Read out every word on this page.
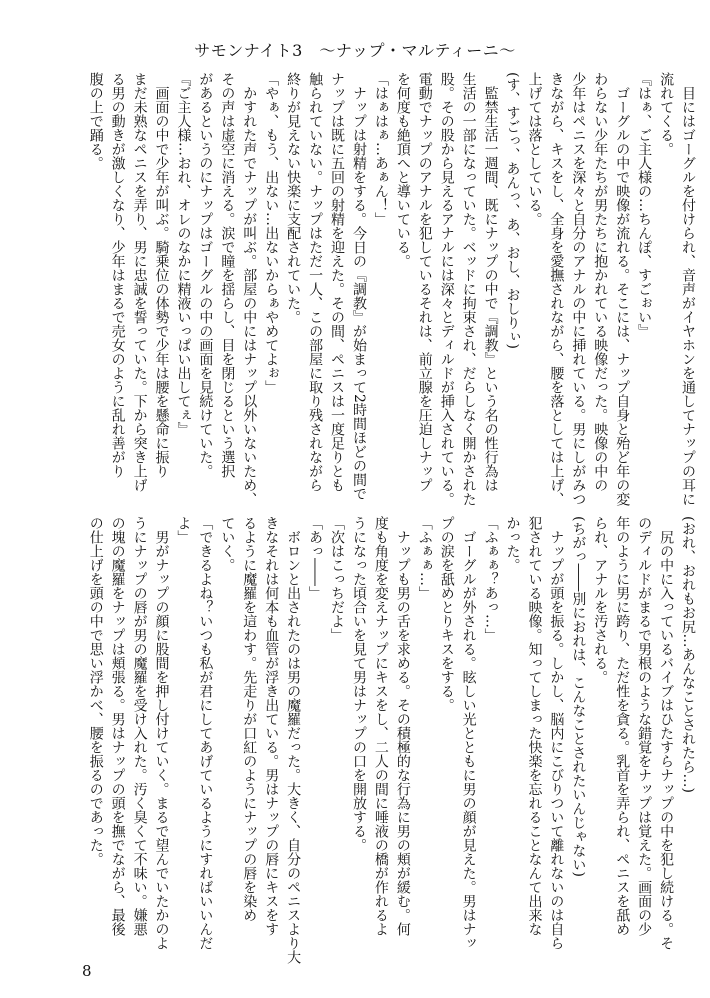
サモンナイト3　〜ナップ・マルティーニ〜
　目にはゴーグルを付けられ、音声がイヤホンを通してナップの耳に
流れてくる。
『はぁ、ご主人様の…ちんぽ、すごぉい』
　ゴーグルの中で映像が流れる。そこには、ナップ自身と殆ど年の変
わらない少年たちが男たちに抱かれている映像だった。映像の中の
少年はペニスを深々と自分のアナルの中に挿れている。男にしがみつ
きながら、キスをし、全身を愛撫されながら、腰を落としては上げ、
上げては落としている。
(す、すごっ、あんっ、あ、おし、おしりぃ)
　監禁生活一週間、既にナップの中で『調教』という名の性行為は
生活の一部になっていた。ベッドに拘束され、だらしなく開かされた
股。その股から見えるアナルには深々とディルドが挿入されている。
電動でナップのアナルを犯しているそれは、前立腺を圧迫しナップ
を何度も絶頂へと導いている。
「はぁはぁ…あぁん！」
　ナップは射精をする。今日の『調教』が始まって2時間ほどの間で
ナップは既に五回の射精を迎えた。その間、ペニスは一度足りとも
触られていない。ナップはただ一人、この部屋に取り残されながら
終りが見えない快楽に支配されていた。
「やぁ、もう、出ない…出ないからぁやめてよぉ」
　かすれた声でナップが叫ぶ。部屋の中にはナップ以外いないため、
その声は虚空に消える。涙で瞳を揺らし、目を閉じるという選択
があるというのにナップはゴーグルの中の画面を見続けていた。
『ご主人様…おれ、オレのなかに精液いっぱい出してぇ』
　画面の中で少年が叫ぶ。騎乗位の体勢で少年は腰を懸命に振り
まだ未熟なペニスを弄り、男に忠誠を誓っていた。下から突き上げ
る男の動きが激しくなり、少年はまるで売女のように乱れ善がり
腹の上で踊る。
(おれ、おれもお尻…あんなことされたら…)
　尻の中に入っているバイブはひたすらナップの中を犯し続ける。そ
のディルドがまるで男根のような錯覚をナップは覚えた。画面の少
年のように男に跨り、ただ性を貪る。乳首を弄られ、ペニスを舐め
られ、アナルを汚される。
(ちがっ――別におれは、こんなことされたいんじゃない)
　ナップが頭を振る。しかし、脳内にこびりついて離れないのは自ら
犯されている映像。知ってしまった快楽を忘れることなんて出来な
かった。
「ふぁぁ？あっ…」
　ゴーグルが外される。眩しい光とともに男の顔が見えた。男はナッ
プの涙を舐めとりキスをする。
「ふぁぁ…」
　ナップも男の舌を求める。その積極的な行為に男の頬が緩む。何
度も角度を変えナップにキスをし、二人の間に唾液の橋が作れるよ
うになった頃合いを見て男はナップの口を開放する。
「次はこっちだよ」
「あっ――」
　ボロンと出されたのは男の魔羅だった。大きく、自分のペニスより大
きなそれは何本も血管が浮き出ている。男はナップの唇にキスをす
るように魔羅を這わす。先走りが口紅のようにナップの唇を染め
ていく。
「できるよね？いつも私が君にしてあげているようにすればいいんだ
よ」
　男がナップの顔に股間を押し付けていく。まるで望んでいたかのよ
うにナップの唇が男の魔羅を受け入れた。汚く臭くて不味い。嫌悪
の塊の魔羅をナップは頬張る。男はナップの頭を撫でながら、最後
の仕上げを頭の中で思い浮かべ、腰を振るのであった。
8
